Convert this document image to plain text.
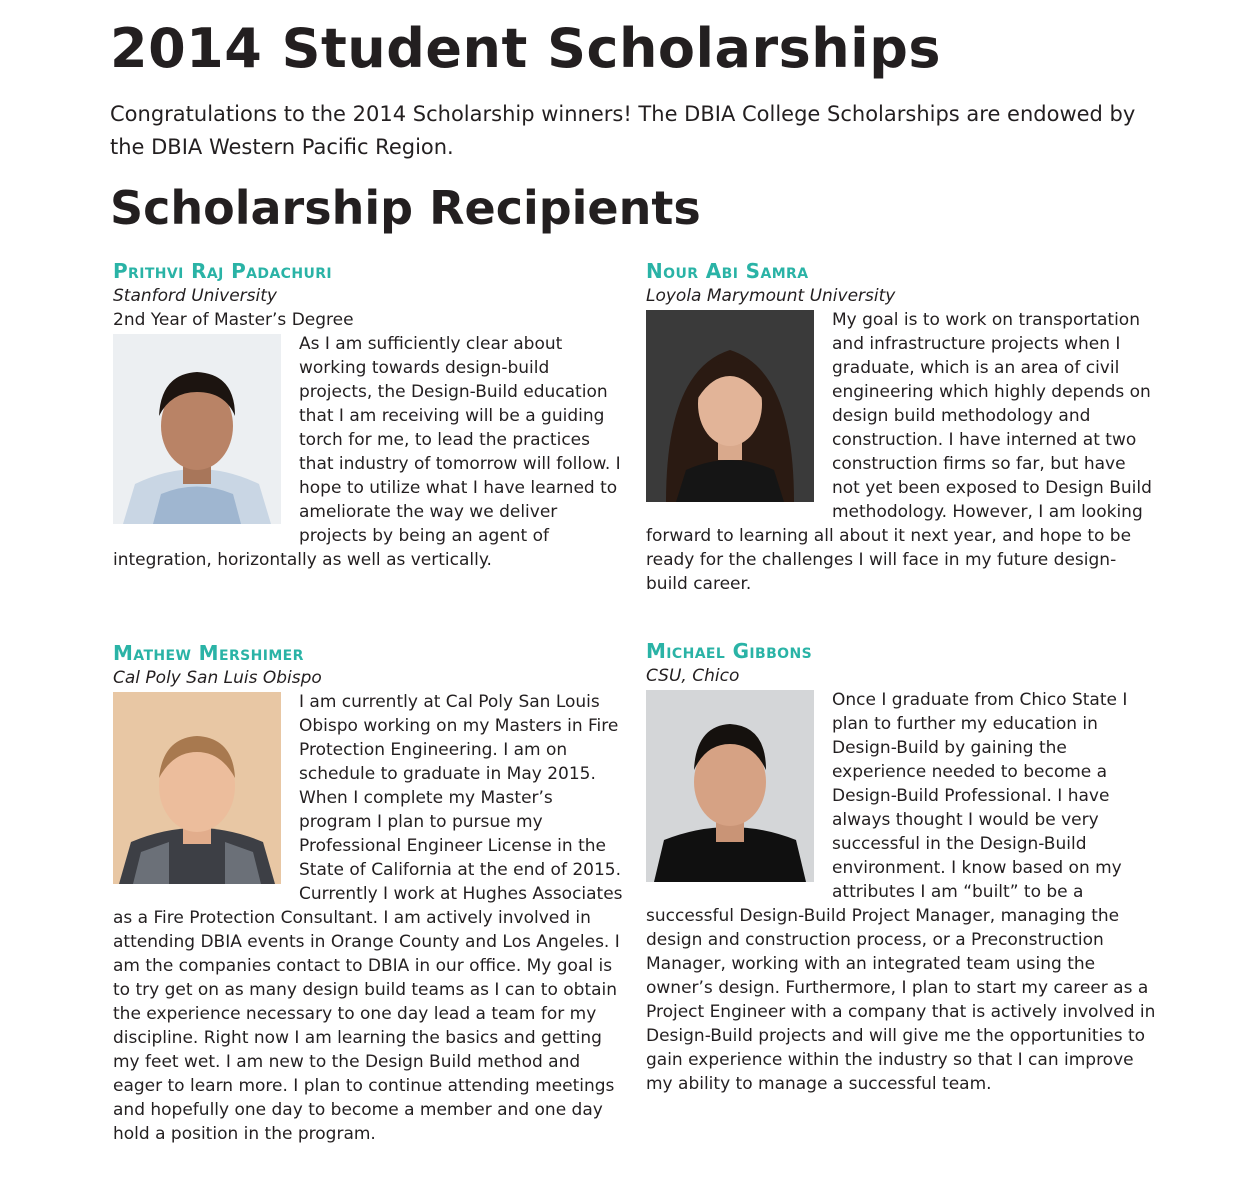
2014 Student Scholarships

Congratulations to the 2014 Scholarship winners! The DBIA College Scholarships are endowed by the DBIA Western Pacific Region.

Scholarship Recipients

Prithvi Raj Padachuri

Stanford University

2nd Year of Master’s Degree

As I am sufficiently clear about working towards design-build projects, the Design-Build education that I am receiving will be a guiding torch for me, to lead the practices that industry of tomorrow will follow. I hope to utilize what I have learned to ameliorate the way we deliver projects by being an agent of integration, horizontally as well as vertically.

Nour Abi Samra

Loyola Marymount University

My goal is to work on transportation and infrastructure projects when I graduate, which is an area of civil engineering which highly depends on design build methodology and construction. I have interned at two construction firms so far, but have not yet been exposed to Design Build methodology. However, I am looking forward to learning all about it next year, and hope to be ready for the challenges I will face in my future design-build career.

Mathew Mershimer

Cal Poly San Luis Obispo

I am currently at Cal Poly San Louis Obispo working on my Masters in Fire Protection Engineering. I am on schedule to graduate in May 2015. When I complete my Master’s program I plan to pursue my Professional Engineer License in the State of California at the end of 2015. Currently I work at Hughes Associates as a Fire Protection Consultant. I am actively involved in attending DBIA events in Orange County and Los Angeles. I am the companies contact to DBIA in our office. My goal is to try get on as many design build teams as I can to obtain the experience necessary to one day lead a team for my discipline. Right now I am learning the basics and getting my feet wet. I am new to the Design Build method and eager to learn more. I plan to continue attending meetings and hopefully one day to become a member and one day hold a position in the program.

Michael Gibbons

CSU, Chico

Once I graduate from Chico State I plan to further my education in Design-Build by gaining the experience needed to become a Design-Build Professional. I have always thought I would be very successful in the Design-Build environment. I know based on my attributes I am “built” to be a successful Design-Build Project Manager, managing the design and construction process, or a Preconstruction Manager, working with an integrated team using the owner’s design. Furthermore, I plan to start my career as a Project Engineer with a company that is actively involved in Design-Build projects and will give me the opportunities to gain experience within the industry so that I can improve my ability to manage a successful team.
